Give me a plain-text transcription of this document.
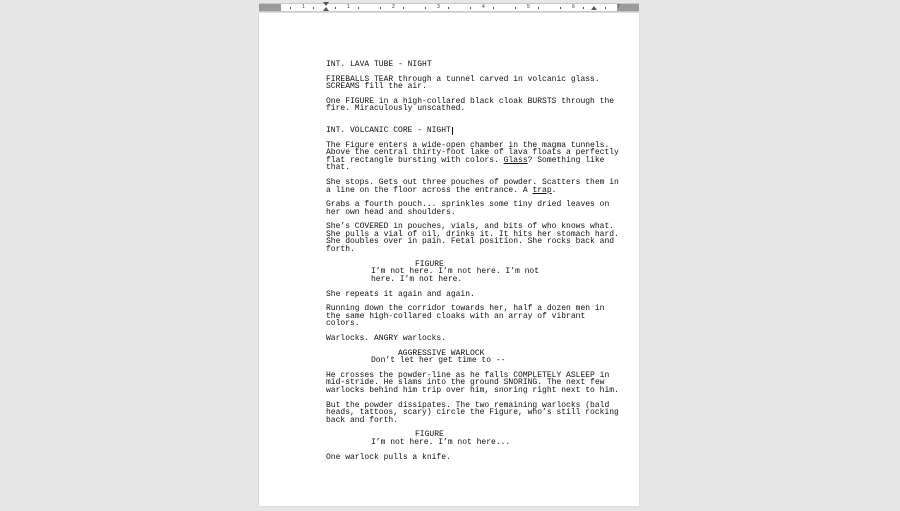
1	1	2	3	4	5	6	7
INT. LAVA TUBE - NIGHT
FIREBALLS TEAR through a tunnel carved in volcanic glass.
SCREAMS fill the air.
One FIGURE in a high-collared black cloak BURSTS through the
fire. Miraculously unscathed.
INT. VOLCANIC CORE - NIGHT
The Figure enters a wide-open chamber in the magma tunnels.
Above the central thirty-foot lake of lava floats a perfectly
flat rectangle bursting with colors. Glass? Something like
that.
She stops. Gets out three pouches of powder. Scatters them in
a line on the floor across the entrance. A trap.
Grabs a fourth pouch... sprinkles some tiny dried leaves on
her own head and shoulders.
She’s COVERED in pouches, vials, and bits of who knows what.
She pulls a vial of oil, drinks it. It hits her stomach hard.
She doubles over in pain. Fetal position. She rocks back and
forth.
FIGURE
I’m not here. I’m not here. I’m not
here. I’m not here.
She repeats it again and again.
Running down the corridor towards her, half a dozen men in
the same high-collared cloaks with an array of vibrant
colors.
Warlocks. ANGRY warlocks.
AGGRESSIVE WARLOCK
Don’t let her get time to --
He crosses the powder-line as he falls COMPLETELY ASLEEP in
mid-stride. He slams into the ground SNORING. The next few
warlocks behind him trip over him, snoring right next to him.
But the powder dissipates. The two remaining warlocks (bald
heads, tattoos, scary) circle the Figure, who’s still rocking
back and forth.
FIGURE
I’m not here. I’m not here...
One warlock pulls a knife.
